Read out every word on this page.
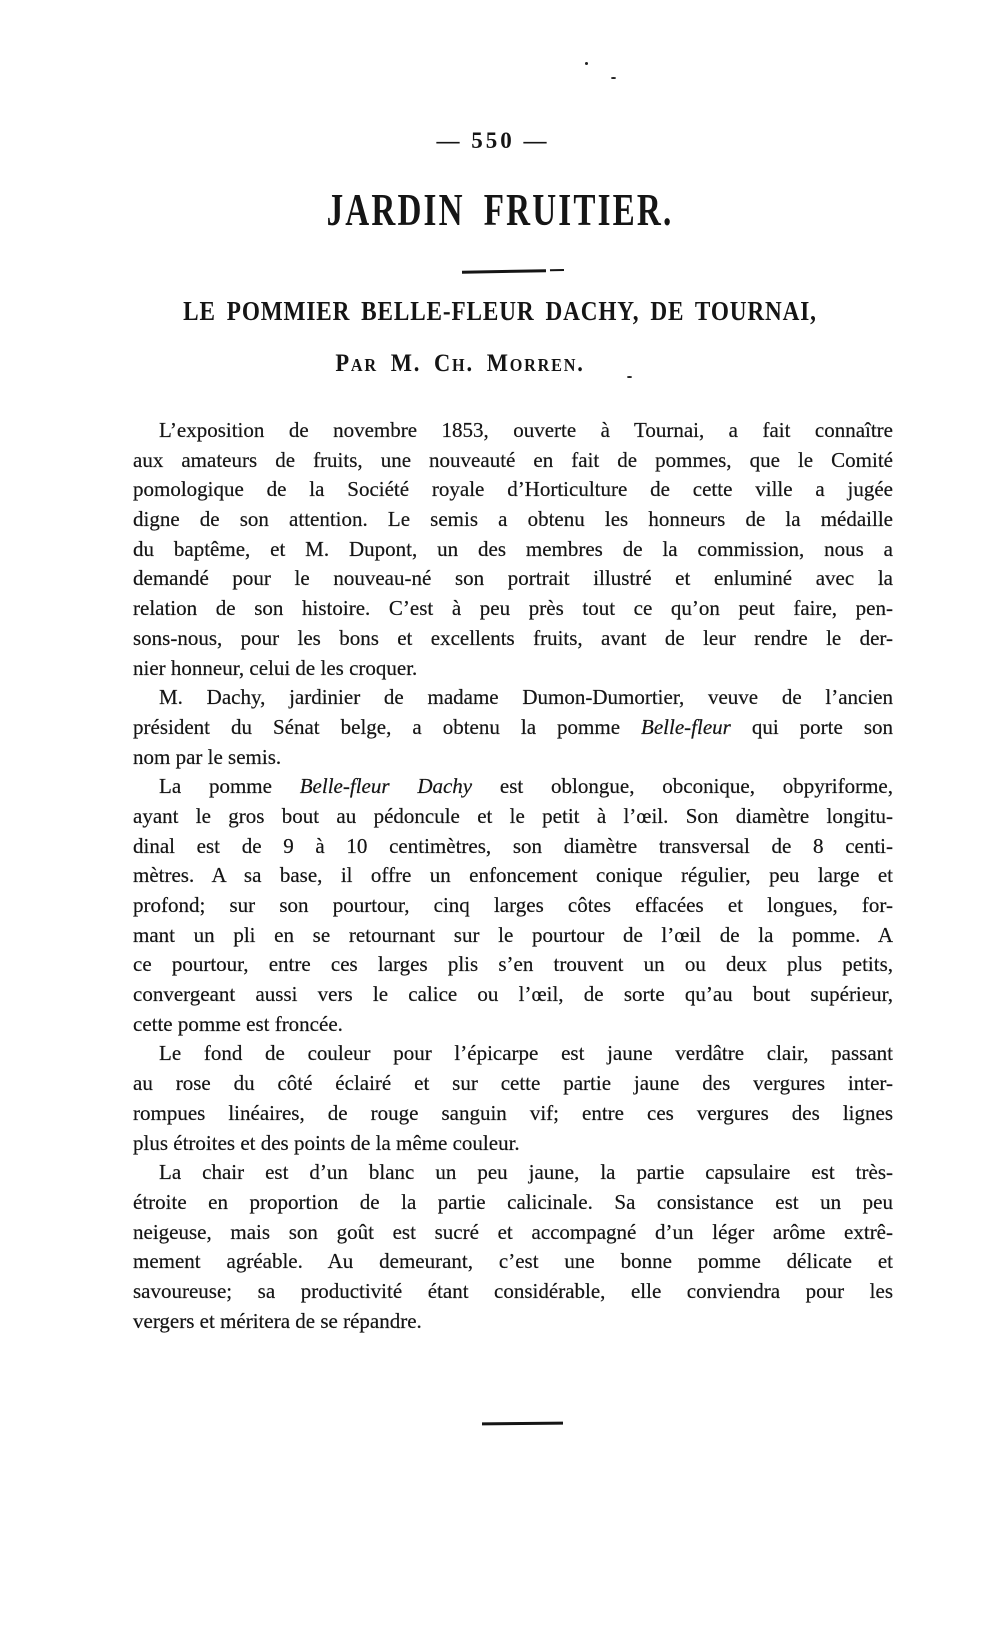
— 550 —
JARDIN FRUITIER.
LE POMMIER BELLE-FLEUR DACHY, DE TOURNAI,
Par M. Ch. Morren.
L’exposition de novembre 1853, ouverte à Tournai, a fait connaître
aux amateurs de fruits, une nouveauté en fait de pommes, que le Comité
pomologique de la Société royale d’Horticulture de cette ville a jugée
digne de son attention. Le semis a obtenu les honneurs de la médaille
du baptême, et M. Dupont, un des membres de la commission, nous a
demandé pour le nouveau-né son portrait illustré et enluminé avec la
relation de son histoire. C’est à peu près tout ce qu’on peut faire, pen-
sons-nous, pour les bons et excellents fruits, avant de leur rendre le der-
nier honneur, celui de les croquer.
M. Dachy, jardinier de madame Dumon-Dumortier, veuve de l’ancien
président du Sénat belge, a obtenu la pomme Belle-fleur qui porte son
nom par le semis.
La pomme Belle-fleur Dachy est oblongue, obconique, obpyriforme,
ayant le gros bout au pédoncule et le petit à l’œil. Son diamètre longitu-
dinal est de 9 à 10 centimètres, son diamètre transversal de 8 centi-
mètres. A sa base, il offre un enfoncement conique régulier, peu large et
profond; sur son pourtour, cinq larges côtes effacées et longues, for-
mant un pli en se retournant sur le pourtour de l’œil de la pomme. A
ce pourtour, entre ces larges plis s’en trouvent un ou deux plus petits,
convergeant aussi vers le calice ou l’œil, de sorte qu’au bout supérieur,
cette pomme est froncée.
Le fond de couleur pour l’épicarpe est jaune verdâtre clair, passant
au rose du côté éclairé et sur cette partie jaune des vergures inter-
rompues linéaires, de rouge sanguin vif; entre ces vergures des lignes
plus étroites et des points de la même couleur.
La chair est d’un blanc un peu jaune, la partie capsulaire est très-
étroite en proportion de la partie calicinale. Sa consistance est un peu
neigeuse, mais son goût est sucré et accompagné d’un léger arôme extrê-
mement agréable. Au demeurant, c’est une bonne pomme délicate et
savoureuse; sa productivité étant considérable, elle conviendra pour les
vergers et méritera de se répandre.
